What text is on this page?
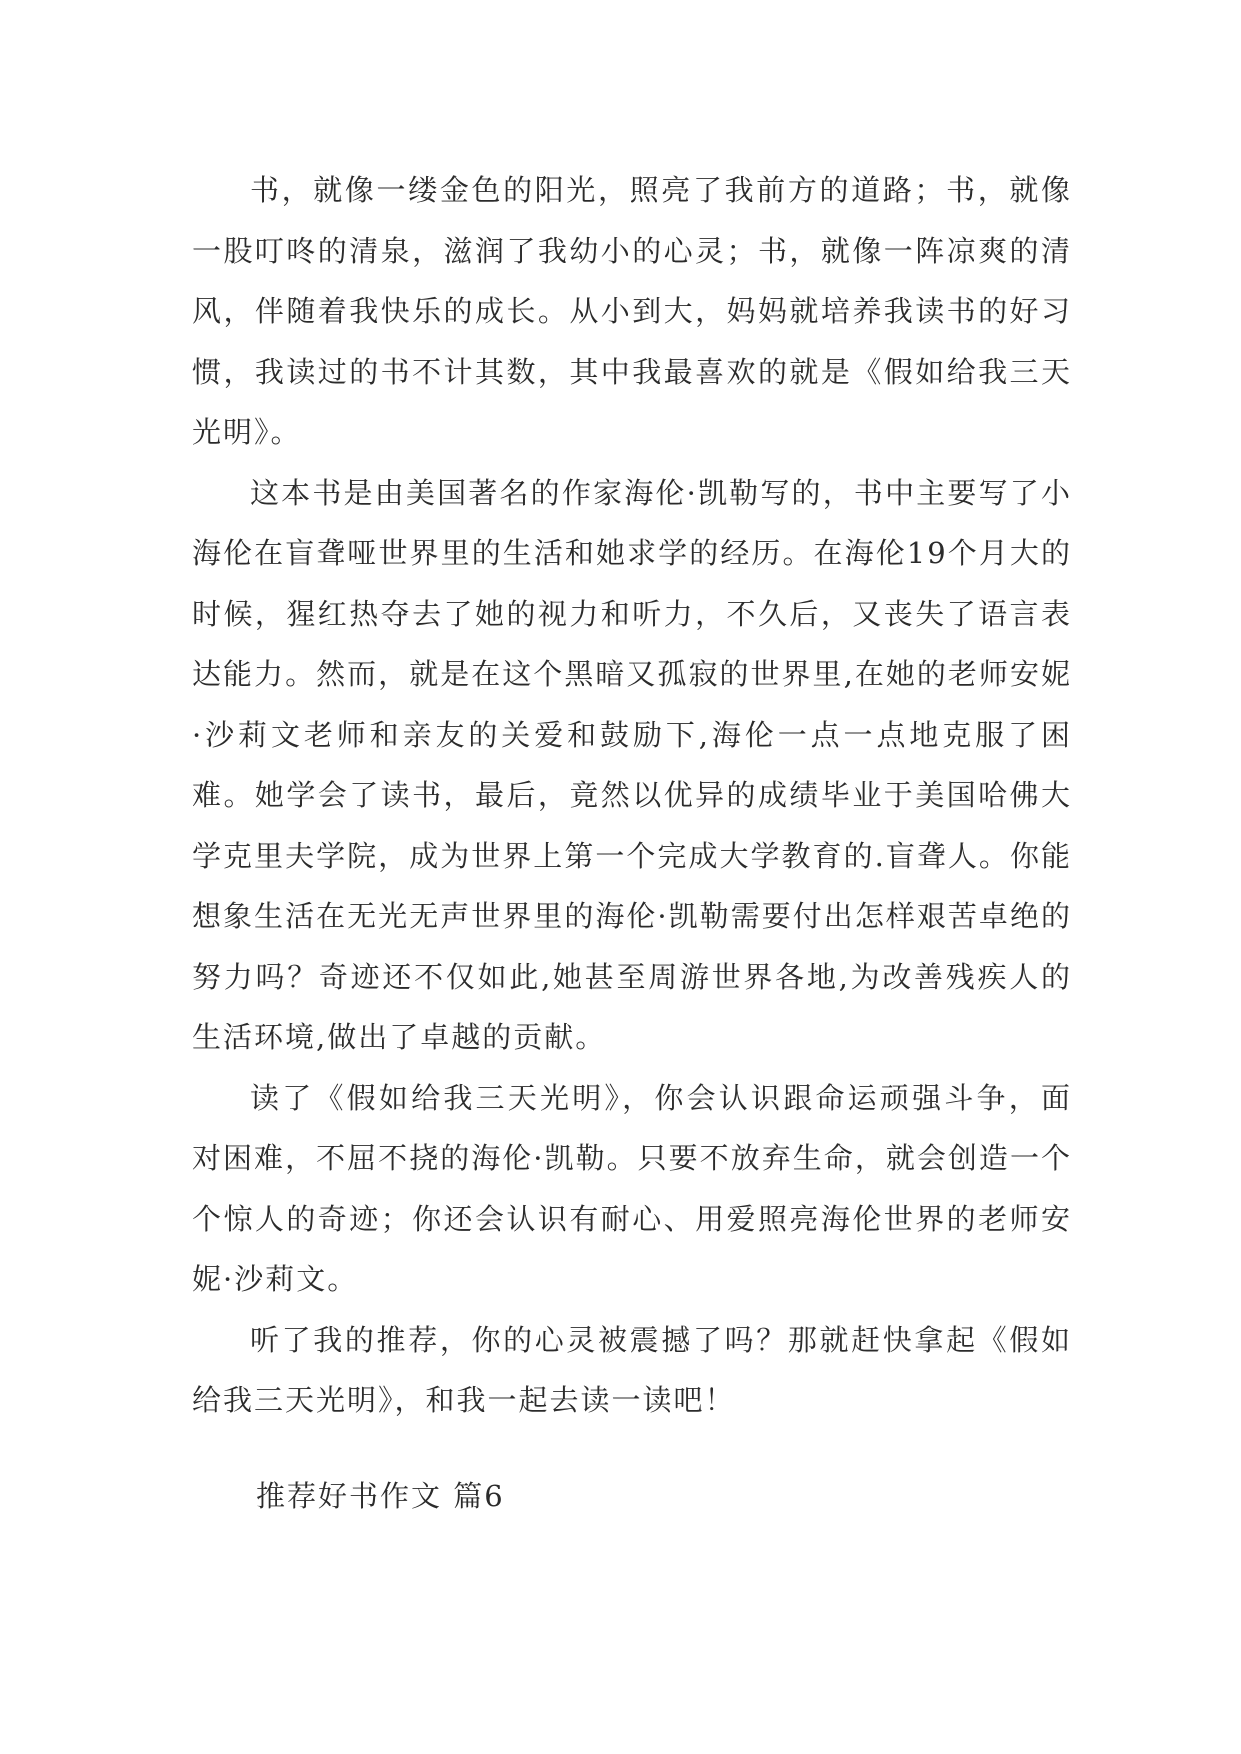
书，就像一缕金色的阳光，照亮了我前方的道路；书，就像一股叮咚的清泉，滋润了我幼小的心灵；书，就像一阵凉爽的清风，伴随着我快乐的成长。从小到大，妈妈就培养我读书的好习惯，我读过的书不计其数，其中我最喜欢的就是《假如给我三天光明》。

这本书是由美国著名的作家海伦·凯勒写的，书中主要写了小海伦在盲聋哑世界里的生活和她求学的经历。在海伦19个月大的时候，猩红热夺去了她的视力和听力，不久后，又丧失了语言表达能力。然而，就是在这个黑暗又孤寂的世界里,在她的老师安妮·沙莉文老师和亲友的关爱和鼓励下,海伦一点一点地克服了困难。她学会了读书，最后，竟然以优异的成绩毕业于美国哈佛大学克里夫学院，成为世界上第一个完成大学教育的.盲聋人。你能想象生活在无光无声世界里的海伦·凯勒需要付出怎样艰苦卓绝的努力吗？奇迹还不仅如此,她甚至周游世界各地,为改善残疾人的生活环境,做出了卓越的贡献。

读了《假如给我三天光明》，你会认识跟命运顽强斗争，面对困难，不屈不挠的海伦·凯勒。只要不放弃生命，就会创造一个个惊人的奇迹；你还会认识有耐心、用爱照亮海伦世界的老师安妮·沙莉文。

听了我的推荐，你的心灵被震撼了吗？那就赶快拿起《假如给我三天光明》，和我一起去读一读吧！

推荐好书作文 篇6
